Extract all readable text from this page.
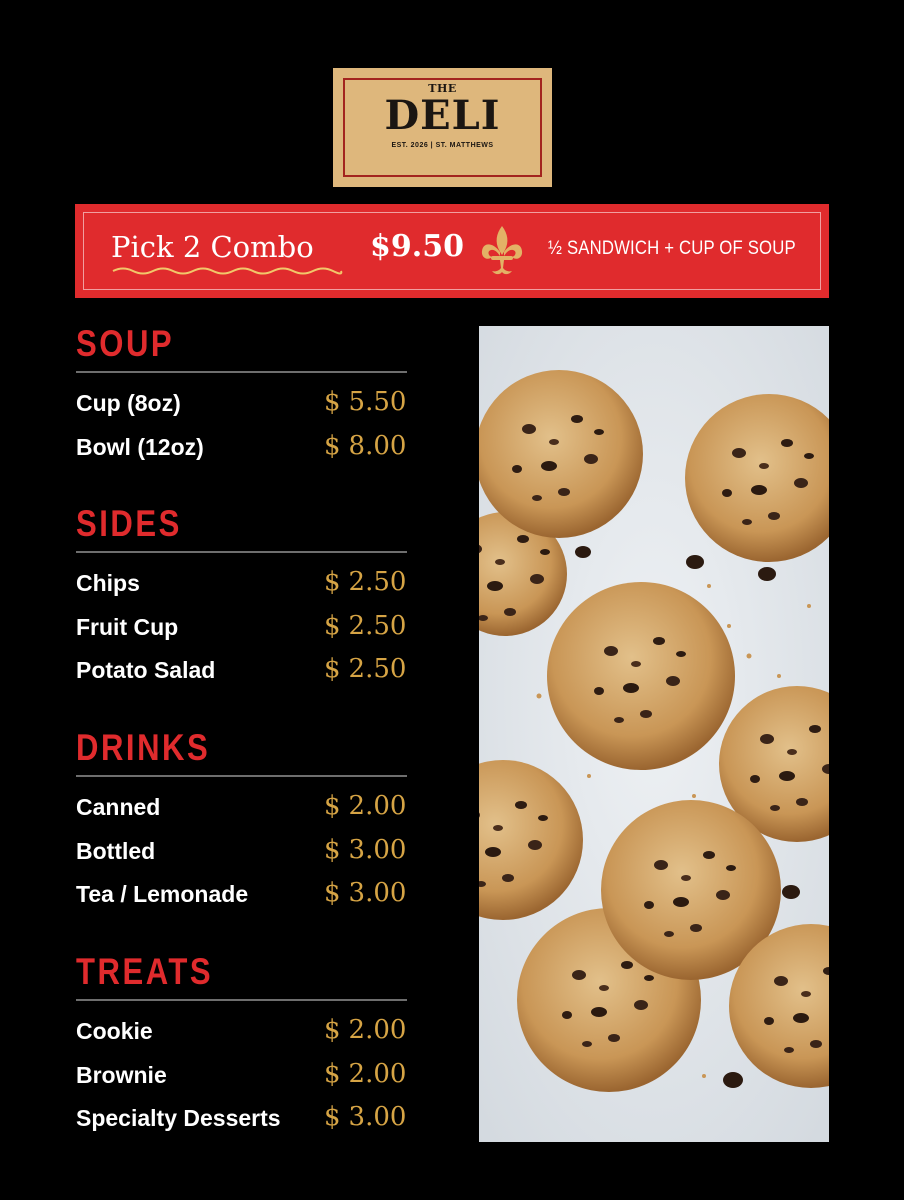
THE
DELI
EST. 2026 | ST. MATTHEWS
Pick 2 Combo $9.50	½ SANDWICH + CUP OF SOUP
SOUP
Cup (8oz)	$ 5.50
Bowl (12oz)	$ 8.00
SIDES
Chips	$ 2.50
Fruit Cup	$ 2.50
Potato Salad	$ 2.50
DRINKS
Canned	$ 2.00
Bottled	$ 3.00
Tea / Lemonade	$ 3.00
TREATS
Cookie	$ 2.00
Brownie	$ 2.00
Specialty Desserts $ 3.00
